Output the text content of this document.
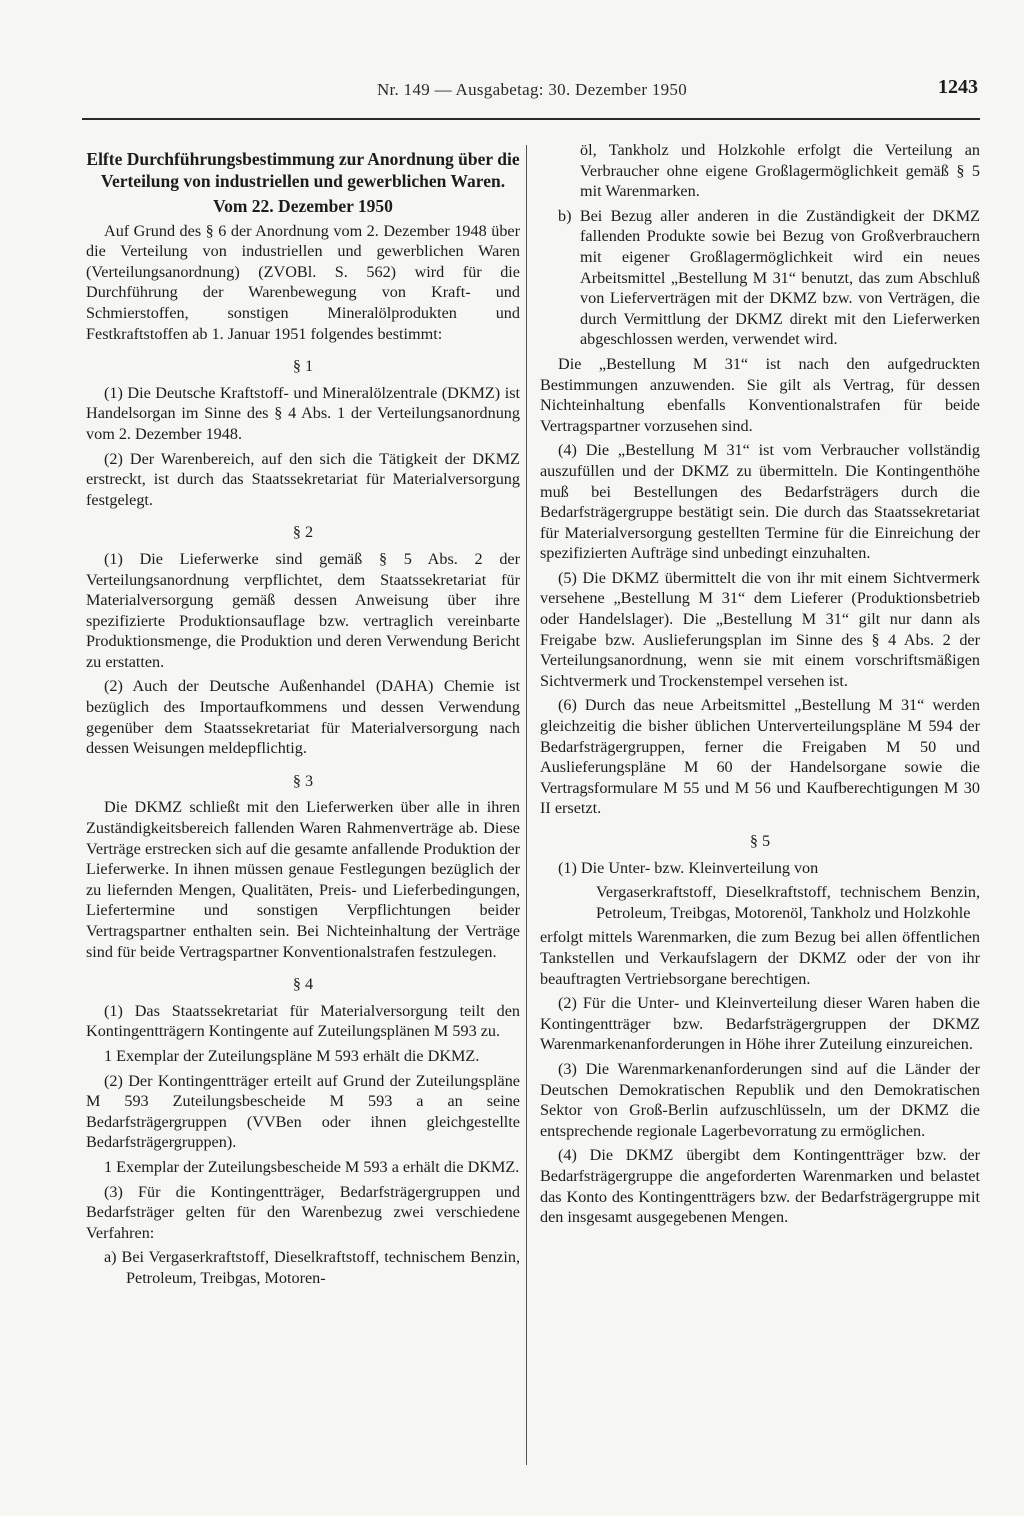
Nr. 149 — Ausgabetag: 30. Dezember 1950	1243
Elfte Durchführungsbestimmung zur Anordnung über die Verteilung von industriellen und gewerblichen Waren.
Vom 22. Dezember 1950

Auf Grund des § 6 der Anordnung vom 2. Dezember 1948 über die Verteilung von industriellen und gewerblichen Waren (Verteilungsanordnung) (ZVOBl. S. 562) wird für die Durchführung der Warenbewegung von Kraft- und Schmierstoffen, sonstigen Mineralölprodukten und Festkraftstoffen ab 1. Januar 1951 folgendes bestimmt:

§ 1

(1) Die Deutsche Kraftstoff- und Mineralölzentrale (DKMZ) ist Handelsorgan im Sinne des § 4 Abs. 1 der Verteilungsanordnung vom 2. Dezember 1948.

(2) Der Warenbereich, auf den sich die Tätigkeit der DKMZ erstreckt, ist durch das Staatssekretariat für Materialversorgung festgelegt.

§ 2

(1) Die Lieferwerke sind gemäß § 5 Abs. 2 der Verteilungsanordnung verpflichtet, dem Staatssekretariat für Materialversorgung gemäß dessen Anweisung über ihre spezifizierte Produktionsauflage bzw. vertraglich vereinbarte Produktionsmenge, die Produktion und deren Verwendung Bericht zu erstatten.

(2) Auch der Deutsche Außenhandel (DAHA) Chemie ist bezüglich des Importaufkommens und dessen Verwendung gegenüber dem Staatssekretariat für Materialversorgung nach dessen Weisungen meldepflichtig.

§ 3

Die DKMZ schließt mit den Lieferwerken über alle in ihren Zuständigkeitsbereich fallenden Waren Rahmenverträge ab. Diese Verträge erstrecken sich auf die gesamte anfallende Produktion der Lieferwerke. In ihnen müssen genaue Festlegungen bezüglich der zu liefernden Mengen, Qualitäten, Preis- und Lieferbedingungen, Liefertermine und sonstigen Verpflichtungen beider Vertragspartner enthalten sein. Bei Nichteinhaltung der Verträge sind für beide Vertragspartner Konventionalstrafen festzulegen.

§ 4

(1) Das Staatssekretariat für Materialversorgung teilt den Kontingentträgern Kontingente auf Zuteilungsplänen M 593 zu.

1 Exemplar der Zuteilungspläne M 593 erhält die DKMZ.

(2) Der Kontingentträger erteilt auf Grund der Zuteilungspläne M 593 Zuteilungsbescheide M 593 a an seine Bedarfsträgergruppen (VVBen oder ihnen gleichgestellte Bedarfsträgergruppen).

1 Exemplar der Zuteilungsbescheide M 593 a erhält die DKMZ.

(3) Für die Kontingentträger, Bedarfsträgergruppen und Bedarfsträger gelten für den Warenbezug zwei verschiedene Verfahren:

a) Bei Vergaserkraftstoff, Dieselkraftstoff, technischem Benzin, Petroleum, Treibgas, Motoren-

öl, Tankholz und Holzkohle erfolgt die Verteilung an Verbraucher ohne eigene Großlagermöglichkeit gemäß § 5 mit Warenmarken.

b) Bei Bezug aller anderen in die Zuständigkeit der DKMZ fallenden Produkte sowie bei Bezug von Großverbrauchern mit eigener Großlagermöglichkeit wird ein neues Arbeitsmittel „Bestellung M 31“ benutzt, das zum Abschluß von Lieferverträgen mit der DKMZ bzw. von Verträgen, die durch Vermittlung der DKMZ direkt mit den Lieferwerken abgeschlossen werden, verwendet wird.

Die „Bestellung M 31“ ist nach den aufgedruckten Bestimmungen anzuwenden. Sie gilt als Vertrag, für dessen Nichteinhaltung ebenfalls Konventionalstrafen für beide Vertragspartner vorzusehen sind.

(4) Die „Bestellung M 31“ ist vom Verbraucher vollständig auszufüllen und der DKMZ zu übermitteln. Die Kontingenthöhe muß bei Bestellungen des Bedarfsträgers durch die Bedarfsträgergruppe bestätigt sein. Die durch das Staatssekretariat für Materialversorgung gestellten Termine für die Einreichung der spezifizierten Aufträge sind unbedingt einzuhalten.

(5) Die DKMZ übermittelt die von ihr mit einem Sichtvermerk versehene „Bestellung M 31“ dem Lieferer (Produktionsbetrieb oder Handelslager). Die „Bestellung M 31“ gilt nur dann als Freigabe bzw. Auslieferungsplan im Sinne des § 4 Abs. 2 der Verteilungsanordnung, wenn sie mit einem vorschriftsmäßigen Sichtvermerk und Trockenstempel versehen ist.

(6) Durch das neue Arbeitsmittel „Bestellung M 31“ werden gleichzeitig die bisher üblichen Unterverteilungspläne M 594 der Bedarfsträgergruppen, ferner die Freigaben M 50 und Auslieferungspläne M 60 der Handelsorgane sowie die Vertragsformulare M 55 und M 56 und Kaufberechtigungen M 30 II ersetzt.

§ 5

(1) Die Unter- bzw. Kleinverteilung von

Vergaserkraftstoff, Dieselkraftstoff, technischem Benzin, Petroleum, Treibgas, Motorenöl, Tankholz und Holzkohle

erfolgt mittels Warenmarken, die zum Bezug bei allen öffentlichen Tankstellen und Verkaufslagern der DKMZ oder der von ihr beauftragten Vertriebsorgane berechtigen.

(2) Für die Unter- und Kleinverteilung dieser Waren haben die Kontingentträger bzw. Bedarfsträgergruppen der DKMZ Warenmarkenanforderungen in Höhe ihrer Zuteilung einzureichen.

(3) Die Warenmarkenanforderungen sind auf die Länder der Deutschen Demokratischen Republik und den Demokratischen Sektor von Groß-Berlin aufzuschlüsseln, um der DKMZ die entsprechende regionale Lagerbevorratung zu ermöglichen.

(4) Die DKMZ übergibt dem Kontingentträger bzw. der Bedarfsträgergruppe die angeforderten Warenmarken und belastet das Konto des Kontingentträgers bzw. der Bedarfsträgergruppe mit den insgesamt ausgegebenen Mengen.
